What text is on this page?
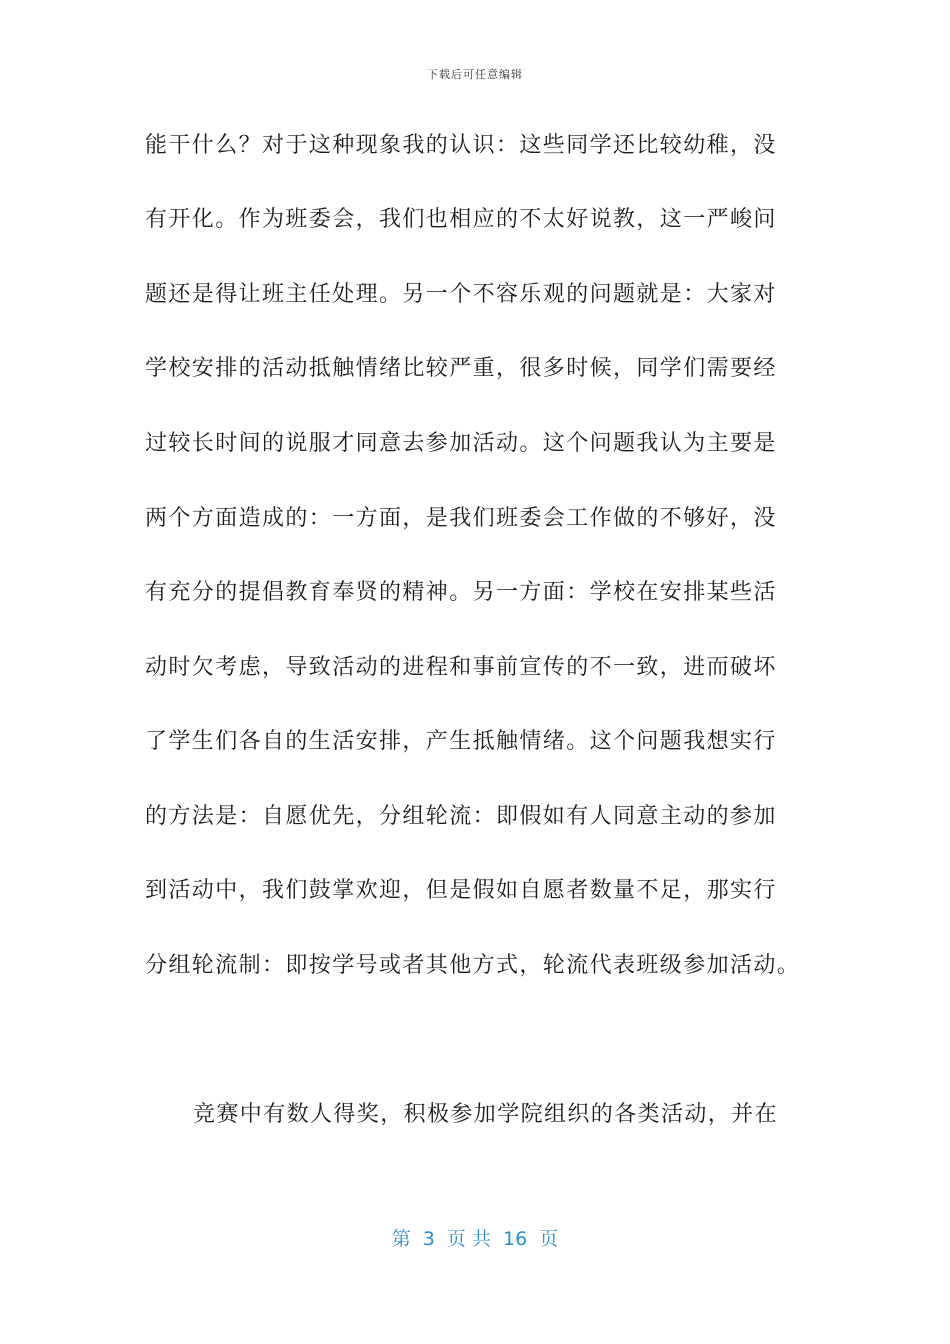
下载后可任意编辑
能干什么？对于这种现象我的认识：这些同学还比较幼稚，没
有开化。作为班委会，我们也相应的不太好说教，这一严峻问
题还是得让班主任处理。另一个不容乐观的问题就是：大家对
学校安排的活动抵触情绪比较严重，很多时候，同学们需要经
过较长时间的说服才同意去参加活动。这个问题我认为主要是
两个方面造成的：一方面，是我们班委会工作做的不够好，没
有充分的提倡教育奉贤的精神。另一方面：学校在安排某些活
动时欠考虑，导致活动的进程和事前宣传的不一致，进而破坏
了学生们各自的生活安排，产生抵触情绪。这个问题我想实行
的方法是：自愿优先，分组轮流：即假如有人同意主动的参加
到活动中，我们鼓掌欢迎，但是假如自愿者数量不足，那实行
分组轮流制：即按学号或者其他方式，轮流代表班级参加活动。
竞赛中有数人得奖，积极参加学院组织的各类活动，并在
第  3  页 共  16  页
